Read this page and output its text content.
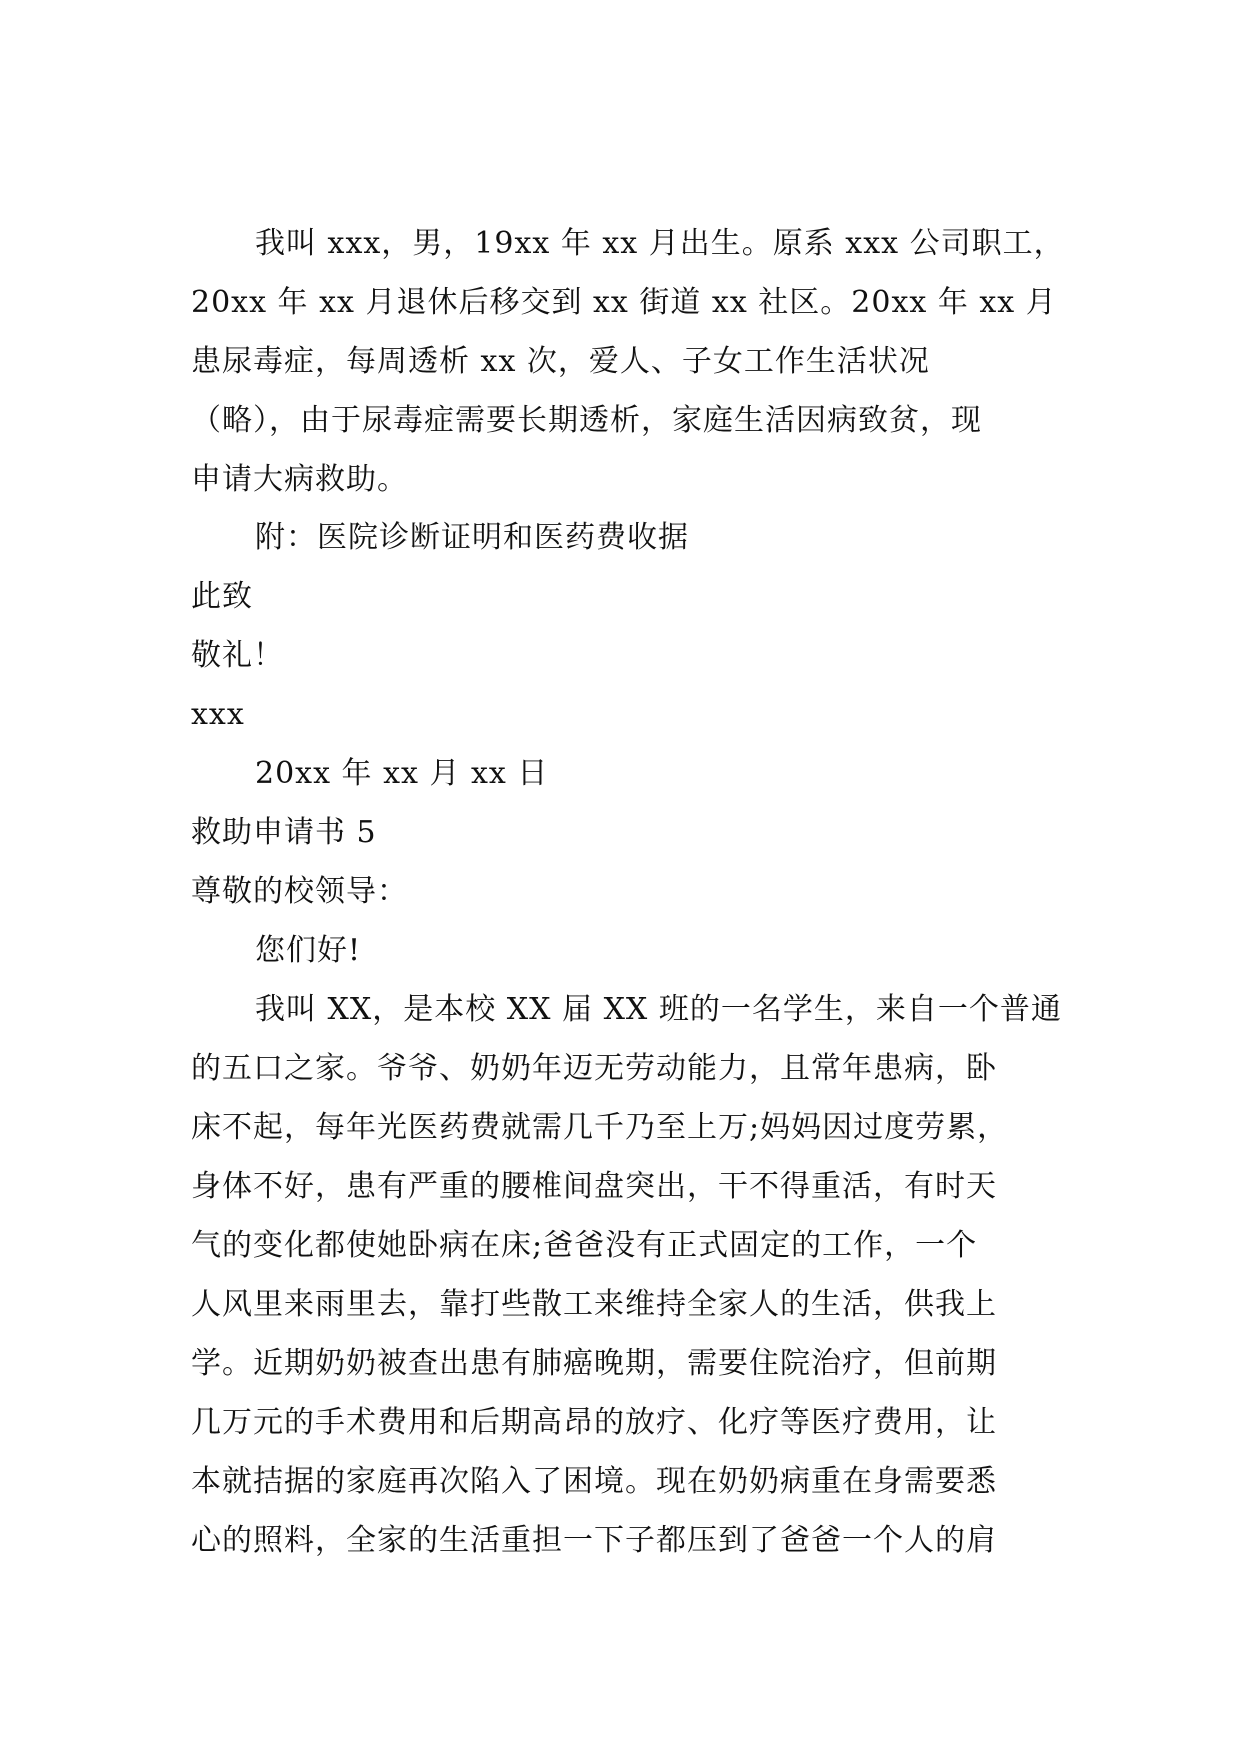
我叫 xxx，男，19xx 年 xx 月出生。原系 xxx 公司职工，
20xx 年 xx 月退休后移交到 xx 街道 xx 社区。20xx 年 xx 月
患尿毒症，每周透析 xx 次，爱人、子女工作生活状况
（略），由于尿毒症需要长期透析，家庭生活因病致贫，现
申请大病救助。
附：医院诊断证明和医药费收据
此致
敬礼！
xxx
20xx 年 xx 月 xx 日
救助申请书 5
尊敬的校领导：
您们好!
我叫 XX，是本校 XX 届 XX 班的一名学生，来自一个普通
的五口之家。爷爷、奶奶年迈无劳动能力，且常年患病，卧
床不起，每年光医药费就需几千乃至上万;妈妈因过度劳累，
身体不好，患有严重的腰椎间盘突出，干不得重活，有时天
气的变化都使她卧病在床;爸爸没有正式固定的工作，一个
人风里来雨里去，靠打些散工来维持全家人的生活，供我上
学。近期奶奶被查出患有肺癌晚期，需要住院治疗，但前期
几万元的手术费用和后期高昂的放疗、化疗等医疗费用，让
本就拮据的家庭再次陷入了困境。现在奶奶病重在身需要悉
心的照料，全家的生活重担一下子都压到了爸爸一个人的肩
